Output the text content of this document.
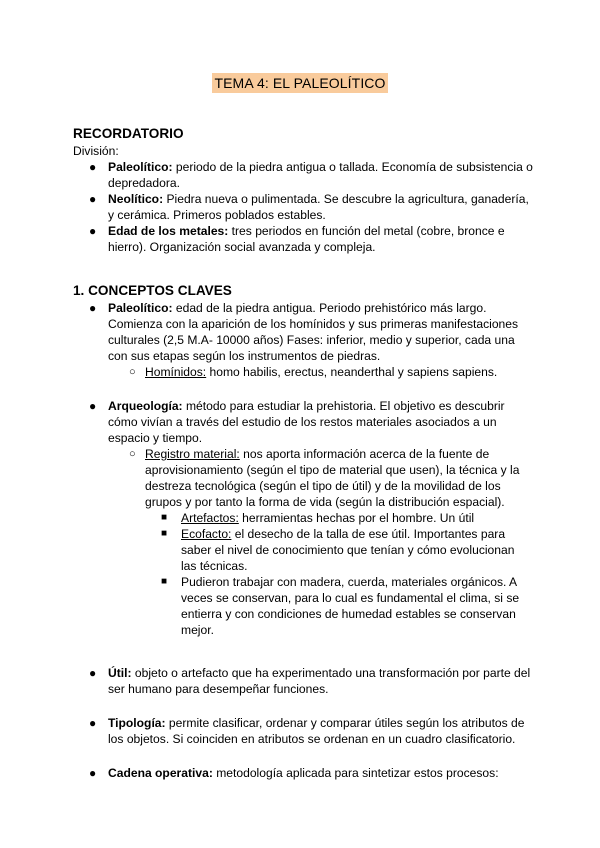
TEMA 4: EL PALEOLÍTICO
RECORDATORIO
División:
● Paleolítico: periodo de la piedra antigua o tallada. Economía de subsistencia o depredadora.
● Neolítico: Piedra nueva o pulimentada. Se descubre la agricultura, ganadería, y cerámica. Primeros poblados estables.
● Edad de los metales: tres periodos en función del metal (cobre, bronce e hierro). Organización social avanzada y compleja.
1. CONCEPTOS CLAVES
● Paleolítico: edad de la piedra antigua. Periodo prehistórico más largo. Comienza con la aparición de los homínidos y sus primeras manifestaciones culturales (2,5 M.A- 10000 años) Fases: inferior, medio y superior, cada una con sus etapas según los instrumentos de piedras.
○ Homínidos: homo habilis, erectus, neanderthal y sapiens sapiens.
● Arqueología: método para estudiar la prehistoria. El objetivo es descubrir cómo vivían a través del estudio de los restos materiales asociados a un espacio y tiempo.
○ Registro material: nos aporta información acerca de la fuente de aprovisionamiento (según el tipo de material que usen), la técnica y la destreza tecnológica (según el tipo de útil) y de la movilidad de los grupos y por tanto la forma de vida (según la distribución espacial).
■ Artefactos: herramientas hechas por el hombre. Un útil
■ Ecofacto: el desecho de la talla de ese útil. Importantes para saber el nivel de conocimiento que tenían y cómo evolucionan las técnicas.
■ Pudieron trabajar con madera, cuerda, materiales orgánicos. A veces se conservan, para lo cual es fundamental el clima, si se entierra y con condiciones de humedad estables se conservan mejor.
● Útil: objeto o artefacto que ha experimentado una transformación por parte del ser humano para desempeñar funciones.
● Tipología: permite clasificar, ordenar y comparar útiles según los atributos de los objetos. Si coinciden en atributos se ordenan en un cuadro clasificatorio.
● Cadena operativa: metodología aplicada para sintetizar estos procesos:
